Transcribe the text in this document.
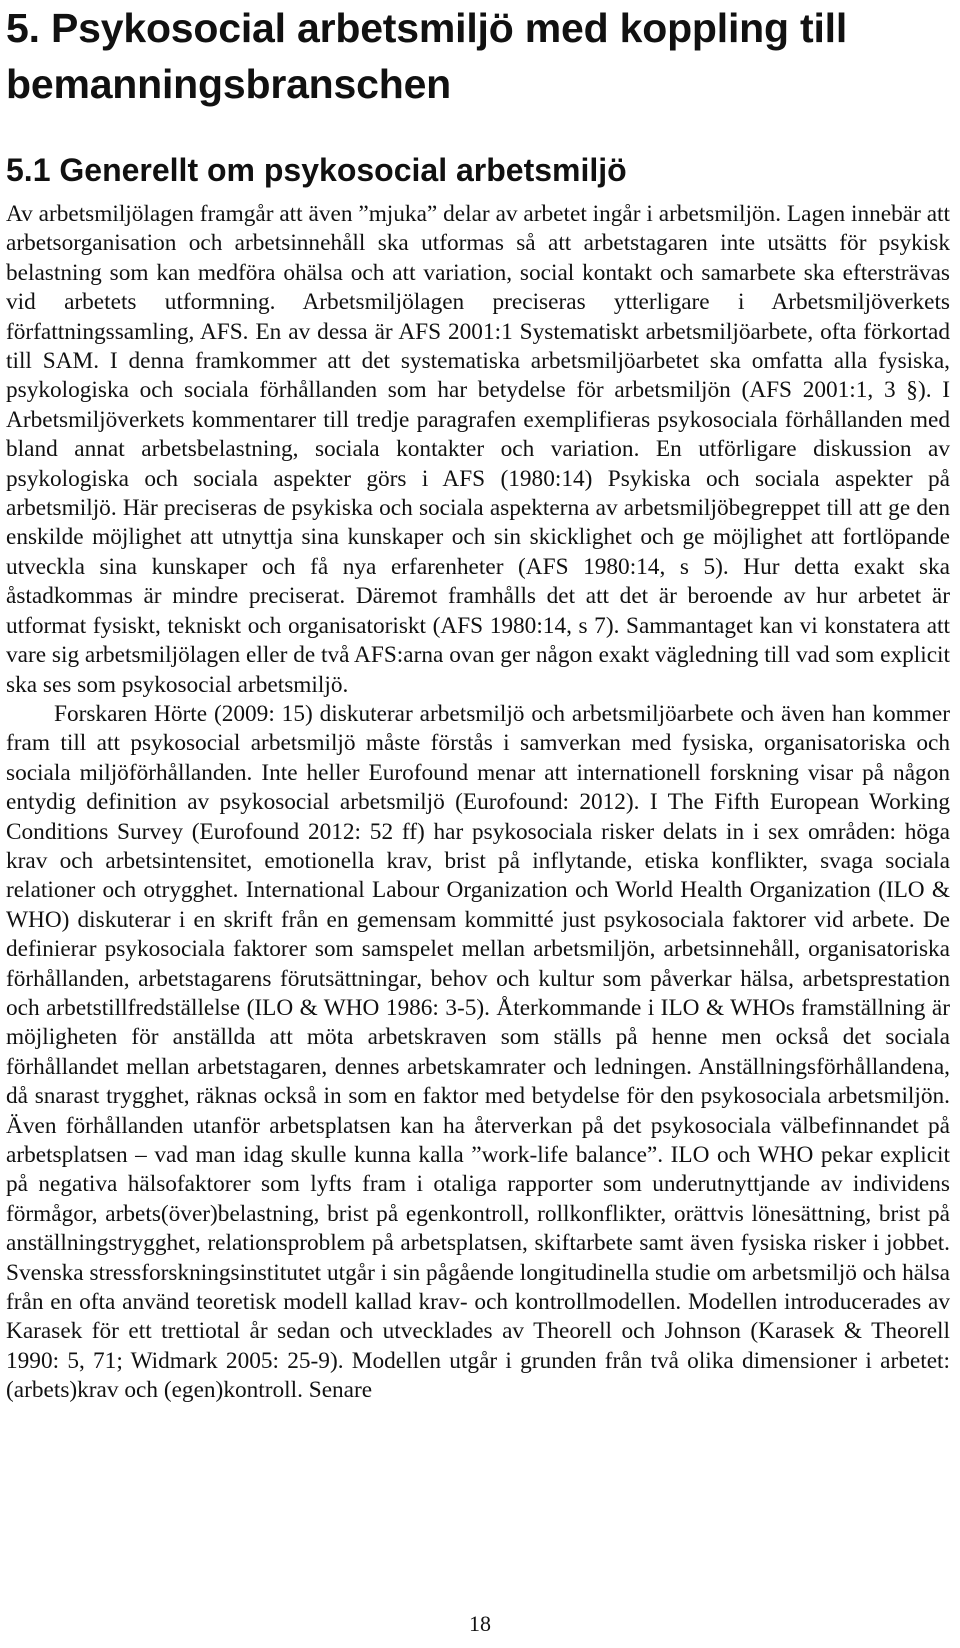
5. Psykosocial arbetsmiljö med koppling till bemanningsbranschen
5.1 Generellt om psykosocial arbetsmiljö

Av arbetsmiljölagen framgår att även ”mjuka” delar av arbetet ingår i arbetsmiljön. Lagen innebär att arbetsorganisation och arbetsinnehåll ska utformas så att arbetstagaren inte utsätts för psykisk belastning som kan medföra ohälsa och att variation, social kontakt och samarbete ska eftersträvas vid arbetets utformning. Arbetsmiljölagen preciseras ytterligare i Arbetsmiljöverkets författningssamling, AFS. En av dessa är AFS 2001:1 Systematiskt arbetsmiljöarbete, ofta förkortad till SAM. I denna framkommer att det systematiska arbetsmiljöarbetet ska omfatta alla fysiska, psykologiska och sociala förhållanden som har betydelse för arbetsmiljön (AFS 2001:1, 3 §). I Arbetsmiljöverkets kommentarer till tredje paragrafen exemplifieras psykosociala förhållanden med bland annat arbetsbelastning, sociala kontakter och variation. En utförligare diskussion av psykologiska och sociala aspekter görs i AFS (1980:14) Psykiska och sociala aspekter på arbetsmiljö. Här preciseras de psykiska och sociala aspekterna av arbetsmiljöbegreppet till att ge den enskilde möjlighet att utnyttja sina kunskaper och sin skicklighet och ge möjlighet att fortlöpande utveckla sina kunskaper och få nya erfarenheter (AFS 1980:14, s 5). Hur detta exakt ska åstadkommas är mindre preciserat. Däremot framhålls det att det är beroende av hur arbetet är utformat fysiskt, tekniskt och organisatoriskt (AFS 1980:14, s 7). Sammantaget kan vi konstatera att vare sig arbetsmiljölagen eller de två AFS:arna ovan ger någon exakt vägledning till vad som explicit ska ses som psykosocial arbetsmiljö.

Forskaren Hörte (2009: 15) diskuterar arbetsmiljö och arbetsmiljöarbete och även han kommer fram till att psykosocial arbetsmiljö måste förstås i samverkan med fysiska, organisatoriska och sociala miljöförhållanden. Inte heller Eurofound menar att internationell forskning visar på någon entydig definition av psykosocial arbetsmiljö (Eurofound: 2012). I The Fifth European Working Conditions Survey (Eurofound 2012: 52 ff) har psykosociala risker delats in i sex områden: höga krav och arbetsintensitet, emotionella krav, brist på inflytande, etiska konflikter, svaga sociala relationer och otrygghet. International Labour Organization och World Health Organization (ILO & WHO) diskuterar i en skrift från en gemensam kommitté just psykosociala faktorer vid arbete. De definierar psykosociala faktorer som samspelet mellan arbetsmiljön, arbetsinnehåll, organisatoriska förhållanden, arbetstagarens förutsättningar, behov och kultur som påverkar hälsa, arbetsprestation och arbetstillfredställelse (ILO & WHO 1986: 3-5). Återkommande i ILO & WHOs framställning är möjligheten för anställda att möta arbetskraven som ställs på henne men också det sociala förhållandet mellan arbetstagaren, dennes arbetskamrater och ledningen. Anställningsförhållandena, då snarast trygghet, räknas också in som en faktor med betydelse för den psykosociala arbetsmiljön. Även förhållanden utanför arbetsplatsen kan ha återverkan på det psykosociala välbefinnandet på arbetsplatsen – vad man idag skulle kunna kalla ”work-life balance”. ILO och WHO pekar explicit på negativa hälsofaktorer som lyfts fram i otaliga rapporter som underutnyttjande av individens förmågor, arbets(över)belastning, brist på egenkontroll, rollkonflikter, orättvis lönesättning, brist på anställningstrygghet, relationsproblem på arbetsplatsen, skiftarbete samt även fysiska risker i jobbet. Svenska stressforskningsinstitutet utgår i sin pågående longitudinella studie om arbetsmiljö och hälsa från en ofta använd teoretisk modell kallad krav- och kontrollmodellen. Modellen introducerades av Karasek för ett trettiotal år sedan och utvecklades av Theorell och Johnson (Karasek & Theorell 1990: 5, 71; Widmark 2005: 25-9). Modellen utgår i grunden från två olika dimensioner i arbetet: (arbets)krav och (egen)kontroll. Senare

18
